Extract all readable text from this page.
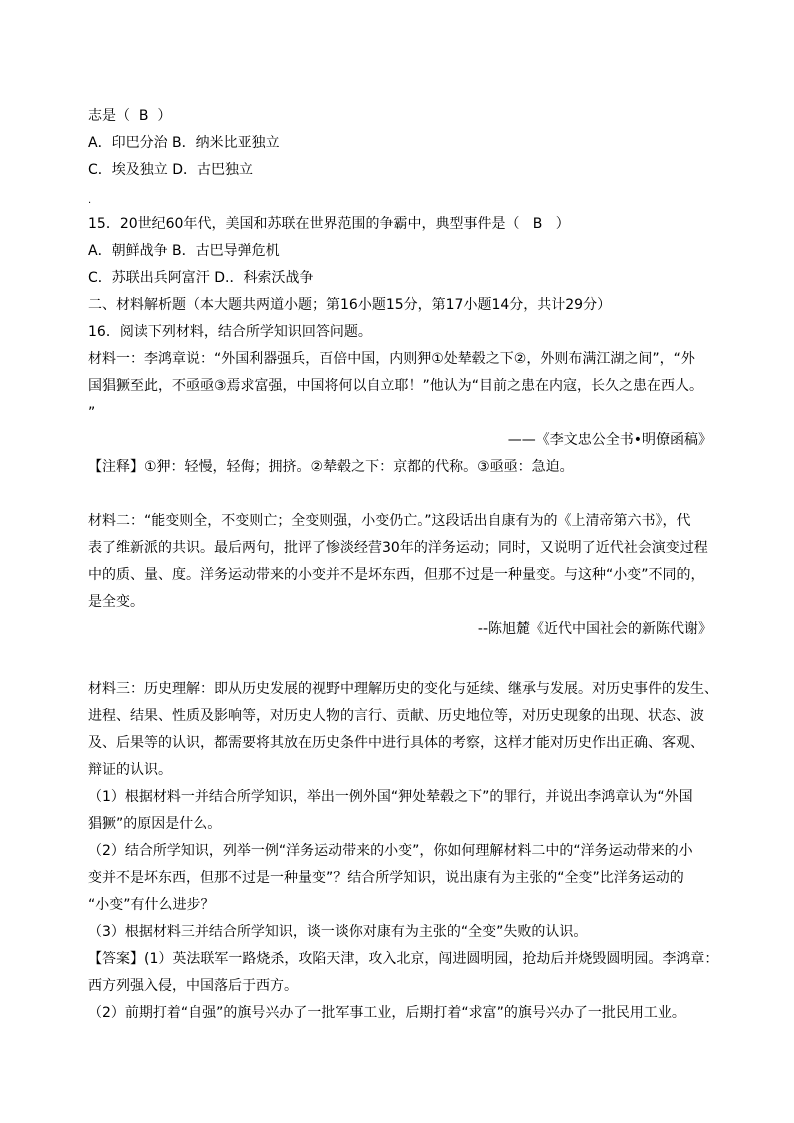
志是（  B  ）
A．印巴分治 B．纳米比亚独立
C．埃及独立 D．古巴独立
.
15．20世纪60年代，美国和苏联在世界范围的争霸中，典型事件是（   B   ）
A．朝鲜战争 B．古巴导弹危机
C．苏联出兵阿富汗 D.．科索沃战争
二、材料解析题（本大题共两道小题；第16小题15分，第17小题14分，共计29分）
16．阅读下列材料，结合所学知识回答问题。
材料一：李鸿章说：“外国利器强兵，百倍中国，内则狎①处辇毂之下②，外则布满江湖之间”，“外
国猖獗至此，不亟亟③焉求富强，中国将何以自立耶！”他认为“目前之患在内寇，长久之患在西人。
”
——《李文忠公全书•明僚函稿》
【注释】①狎：轻慢，轻侮；拥挤。②辇毂之下：京都的代称。③亟亟：急迫。
材料二：“能变则全，不变则亡；全变则强，小变仍亡。”这段话出自康有为的《上清帝第六书》，代
表了维新派的共识。最后两句，批评了惨淡经营30年的洋务运动；同时，又说明了近代社会演变过程
中的质、量、度。洋务运动带来的小变并不是坏东西，但那不过是一种量变。与这种“小变”不同的，
是全变。
--陈旭麓《近代中国社会的新陈代谢》
材料三：历史理解：即从历史发展的视野中理解历史的变化与延续、继承与发展。对历史事件的发生、
进程、结果、性质及影响等，对历史人物的言行、贡献、历史地位等，对历史现象的出现、状态、波
及、后果等的认识，都需要将其放在历史条件中进行具体的考察，这样才能对历史作出正确、客观、
辩证的认识。
（1）根据材料一并结合所学知识，举出一例外国“狎处辇毂之下”的罪行，并说出李鸿章认为“外国
猖獗”的原因是什么。
（2）结合所学知识，列举一例“洋务运动带来的小变”，你如何理解材料二中的“洋务运动带来的小
变并不是坏东西，但那不过是一种量变”？结合所学知识，说出康有为主张的“全变”比洋务运动的
“小变”有什么进步？
（3）根据材料三并结合所学知识，谈一谈你对康有为主张的“全变”失败的认识。
【答案】(1）英法联军一路烧杀，攻陷天津，攻入北京，闯进圆明园，抢劫后并烧毁圆明园。李鸿章：
西方列强入侵，中国落后于西方。
（2）前期打着“自强”的旗号兴办了一批军事工业，后期打着“求富”的旗号兴办了一批民用工业。
